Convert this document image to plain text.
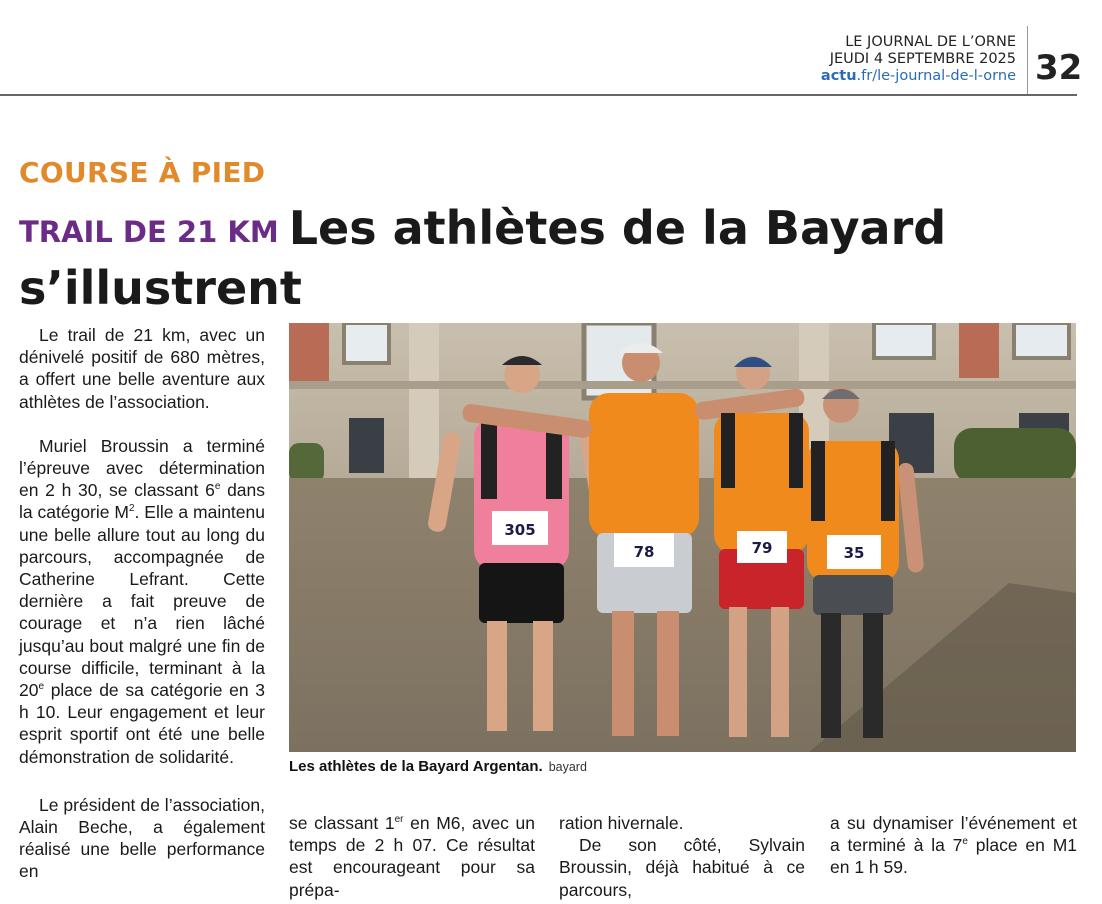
LE JOURNAL DE L’ORNE
JEUDI 4 SEPTEMBRE 2025
actu.fr/le-journal-de-l-orne 32
COURSE À PIED
TRAIL DE 21 KM Les athlètes de la Bayard s’illustrent

Le trail de 21 km, avec un dénivelé positif de 680 mètres, a offert une belle aventure aux athlètes de l’association.

Muriel Broussin a terminé l’épreuve avec détermination en 2 h 30, se classant 6e dans la catégorie $M^2$. Elle a maintenu une belle allure tout au long du parcours, accompagnée de Catherine Lefrant. Cette dernière a fait preuve de courage et n’a rien lâché jusqu’au bout malgré une fin de course difficile, terminant à la 20e place de sa catégorie en 3 h 10. Leur engagement et leur esprit sportif ont été une belle démonstration de solidarité.

Le président de l’association, Alain Beche, a également réalisé une belle performance en

305
78	79	35
Les athlètes de la Bayard Argentan. bayard

se classant 1er en M6, avec un temps de 2 h 07. Ce résultat est encourageant pour sa prépa-

ration hivernale.

De son côté, Sylvain Broussin, déjà habitué à ce parcours,

a su dynamiser l’événement et a terminé à la 7e place en M1 en 1 h 59.
